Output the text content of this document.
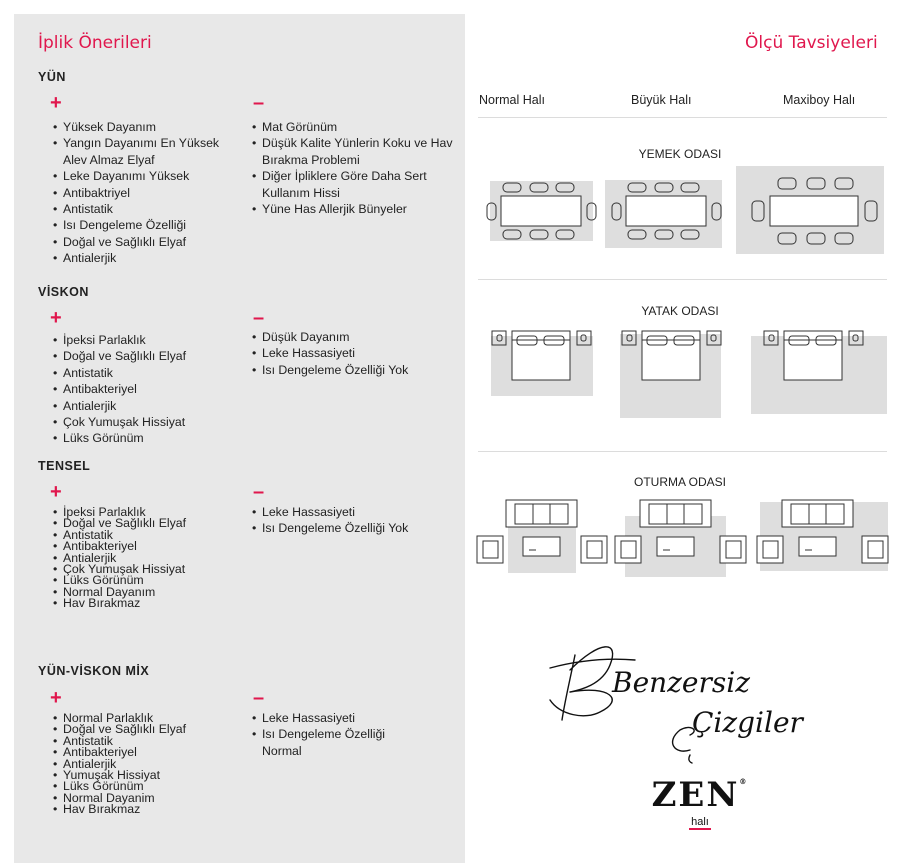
İplik Önerileri	Ölçü Tavsiyeleri
YÜN
+	–
• Yüksek Dayanım
• Yangın Dayanımı En Yüksek Alev Almaz Elyaf
• Leke Dayanımı Yüksek
• Antibaktriyel
• Antistatik
• Isı Dengeleme Özelliği
• Doğal ve Sağlıklı Elyaf
• Antialerjik
• Mat Görünüm
• Düşük Kalite Yünlerin Koku ve Hav Bırakma Problemi
• Diğer İpliklere Göre Daha Sert Kullanım Hissi
• Yüne Has Allerjik Bünyeler
VİSKON
+	–
• İpeksi Parlaklık
• Doğal ve Sağlıklı Elyaf
• Antistatik
• Antibakteriyel
• Antialerjik
• Çok Yumuşak Hissiyat
• Lüks Görünüm
• Düşük Dayanım
• Leke Hassasiyeti
• Isı Dengeleme Özelliği Yok
TENSEL
+	–
• İpeksi Parlaklık
• Doğal ve Sağlıklı Elyaf
• Antistatik
• Antibakteriyel
• Antialerjik
• Çok Yumuşak Hissiyat
• Lüks Görünüm
• Normal Dayanım
• Hav Bırakmaz
• Leke Hassasiyeti
• Isı Dengeleme Özelliği Yok
YÜN-VİSKON MİX
+	–
• Normal Parlaklık
• Doğal ve Sağlıklı Elyaf
• Antistatik
• Antibakteriyel
• Antialerjik
• Yumuşak Hissiyat
• Lüks Görünüm
• Normal Dayanim
• Hav Bırakmaz
• Leke Hassasiyeti
• Isı Dengeleme Özelliği Normal
Normal Halı	Büyük Halı	Maxiboy Halı
YEMEK ODASI
YATAK ODASI
OTURMA ODASI
Benzersiz
Çizgiler
ZEN®
halı
